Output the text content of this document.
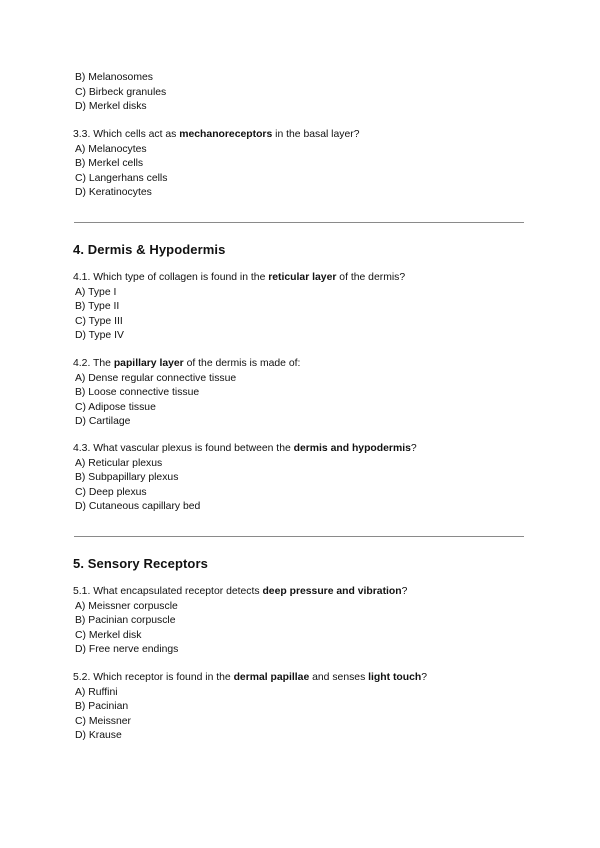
B) Melanosomes

C) Birbeck granules

D) Merkel disks

3.3. Which cells act as mechanoreceptors in the basal layer?

A) Melanocytes

B) Merkel cells

C) Langerhans cells

D) Keratinocytes

4. Dermis & Hypodermis

4.1. Which type of collagen is found in the reticular layer of the dermis?

A) Type I

B) Type II

C) Type III

D) Type IV

4.2. The papillary layer of the dermis is made of:

A) Dense regular connective tissue

B) Loose connective tissue

C) Adipose tissue

D) Cartilage

4.3. What vascular plexus is found between the dermis and hypodermis?

A) Reticular plexus

B) Subpapillary plexus

C) Deep plexus

D) Cutaneous capillary bed

5. Sensory Receptors

5.1. What encapsulated receptor detects deep pressure and vibration?

A) Meissner corpuscle

B) Pacinian corpuscle

C) Merkel disk

D) Free nerve endings

5.2. Which receptor is found in the dermal papillae and senses light touch?

A) Ruffini

B) Pacinian

C) Meissner

D) Krause
